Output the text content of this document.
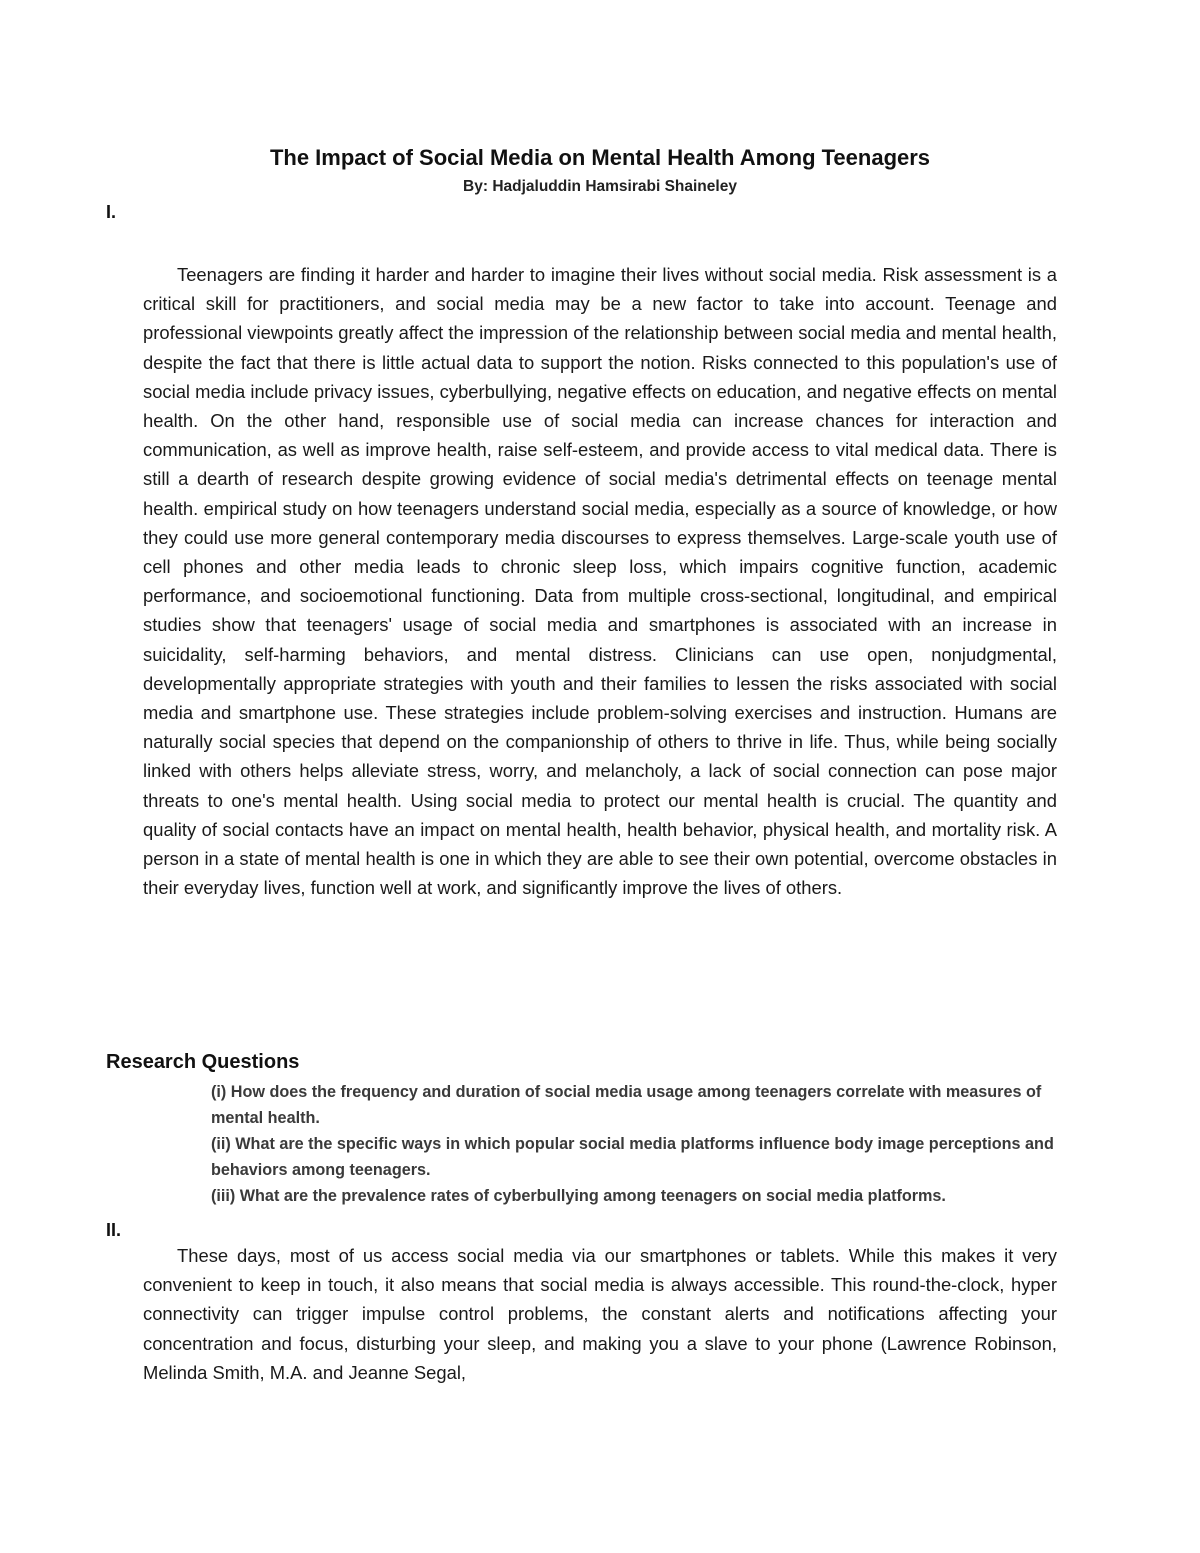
The Impact of Social Media on Mental Health Among Teenagers
By: Hadjaluddin Hamsirabi Shaineley
I.

Teenagers are finding it harder and harder to imagine their lives without social media. Risk assessment is a critical skill for practitioners, and social media may be a new factor to take into account. Teenage and professional viewpoints greatly affect the impression of the relationship between social media and mental health, despite the fact that there is little actual data to support the notion. Risks connected to this population's use of social media include privacy issues, cyberbullying, negative effects on education, and negative effects on mental health. On the other hand, responsible use of social media can increase chances for interaction and communication, as well as improve health, raise self-esteem, and provide access to vital medical data. There is still a dearth of research despite growing evidence of social media's detrimental effects on teenage mental health. empirical study on how teenagers understand social media, especially as a source of knowledge, or how they could use more general contemporary media discourses to express themselves. Large-scale youth use of cell phones and other media leads to chronic sleep loss, which impairs cognitive function, academic performance, and socioemotional functioning. Data from multiple cross-sectional, longitudinal, and empirical studies show that teenagers' usage of social media and smartphones is associated with an increase in suicidality, self-harming behaviors, and mental distress. Clinicians can use open, nonjudgmental, developmentally appropriate strategies with youth and their families to lessen the risks associated with social media and smartphone use. These strategies include problem-solving exercises and instruction. Humans are naturally social species that depend on the companionship of others to thrive in life. Thus, while being socially linked with others helps alleviate stress, worry, and melancholy, a lack of social connection can pose major threats to one's mental health. Using social media to protect our mental health is crucial. The quantity and quality of social contacts have an impact on mental health, health behavior, physical health, and mortality risk. A person in a state of mental health is one in which they are able to see their own potential, overcome obstacles in their everyday lives, function well at work, and significantly improve the lives of others.

Research Questions
(i) How does the frequency and duration of social media usage among teenagers correlate with measures of mental health.
(ii) What are the specific ways in which popular social media platforms influence body image perceptions and behaviors among teenagers.
(iii) What are the prevalence rates of cyberbullying among teenagers on social media platforms.
II.

These days, most of us access social media via our smartphones or tablets. While this makes it very convenient to keep in touch, it also means that social media is always accessible. This round-the-clock, hyper connectivity can trigger impulse control problems, the constant alerts and notifications affecting your concentration and focus, disturbing your sleep, and making you a slave to your phone (Lawrence Robinson, Melinda Smith, M.A. and Jeanne Segal,
